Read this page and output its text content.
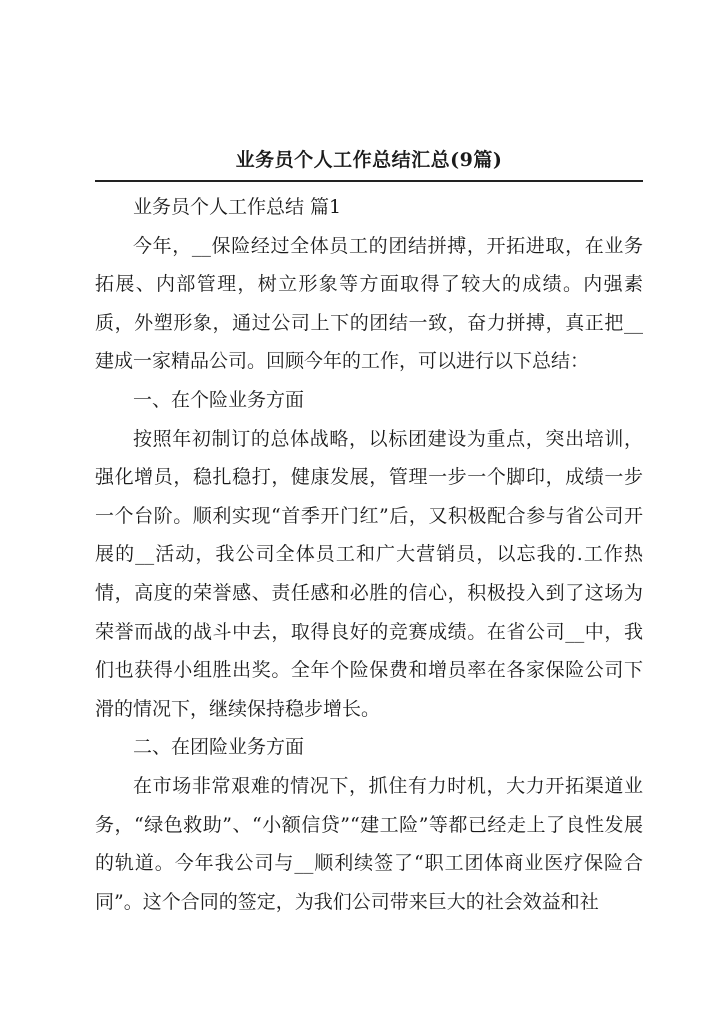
业务员个人工作总结汇总(9篇)

业务员个人工作总结 篇1

今年，__保险经过全体员工的团结拼搏，开拓进取，在业务拓展、内部管理，树立形象等方面取得了较大的成绩。内强素质，外塑形象，通过公司上下的团结一致，奋力拼搏，真正把__建成一家精品公司。回顾今年的工作，可以进行以下总结：

一、在个险业务方面

按照年初制订的总体战略，以标团建设为重点，突出培训，强化增员，稳扎稳打，健康发展，管理一步一个脚印，成绩一步一个台阶。顺利实现“首季开门红”后，又积极配合参与省公司开展的__活动，我公司全体员工和广大营销员，以忘我的.工作热情，高度的荣誉感、责任感和必胜的信心，积极投入到了这场为荣誉而战的战斗中去，取得良好的竞赛成绩。在省公司__中，我们也获得小组胜出奖。全年个险保费和增员率在各家保险公司下滑的情况下，继续保持稳步增长。

二、在团险业务方面

在市场非常艰难的情况下，抓住有力时机，大力开拓渠道业务，“绿色救助”、“小额信贷”“建工险”等都已经走上了良性发展的轨道。今年我公司与__顺利续签了“职工团体商业医疗保险合同”。这个合同的签定，为我们公司带来巨大的社会效益和社
